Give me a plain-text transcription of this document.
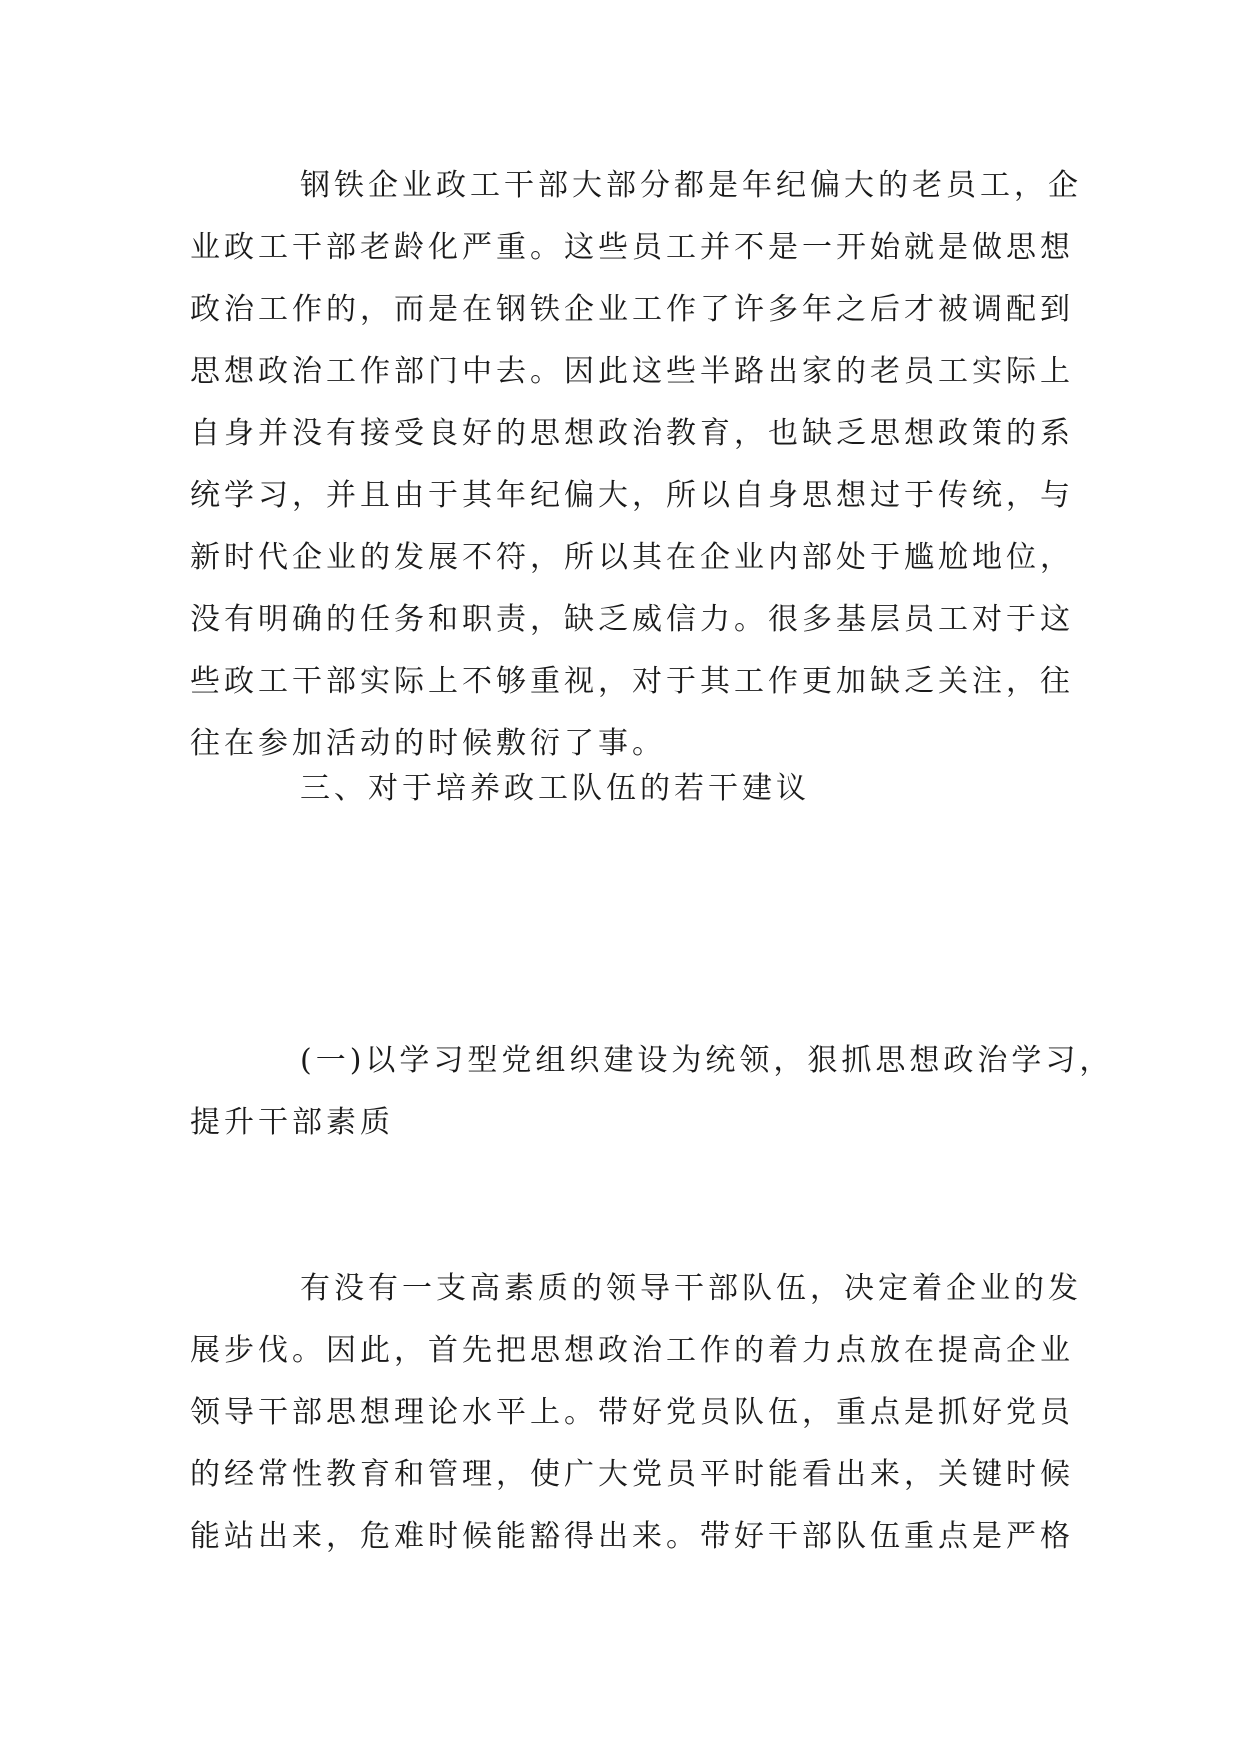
钢铁企业政工干部大部分都是年纪偏大的老员工，企
业政工干部老龄化严重。这些员工并不是一开始就是做思想
政治工作的，而是在钢铁企业工作了许多年之后才被调配到
思想政治工作部门中去。因此这些半路出家的老员工实际上
自身并没有接受良好的思想政治教育，也缺乏思想政策的系
统学习，并且由于其年纪偏大，所以自身思想过于传统，与
新时代企业的发展不符，所以其在企业内部处于尴尬地位，
没有明确的任务和职责，缺乏威信力。很多基层员工对于这
些政工干部实际上不够重视，对于其工作更加缺乏关注，往
往在参加活动的时候敷衍了事。
三、对于培养政工队伍的若干建议
(一)以学习型党组织建设为统领，狠抓思想政治学习，
提升干部素质
有没有一支高素质的领导干部队伍，决定着企业的发
展步伐。因此，首先把思想政治工作的着力点放在提高企业
领导干部思想理论水平上。带好党员队伍，重点是抓好党员
的经常性教育和管理，使广大党员平时能看出来，关键时候
能站出来，危难时候能豁得出来。带好干部队伍重点是严格
